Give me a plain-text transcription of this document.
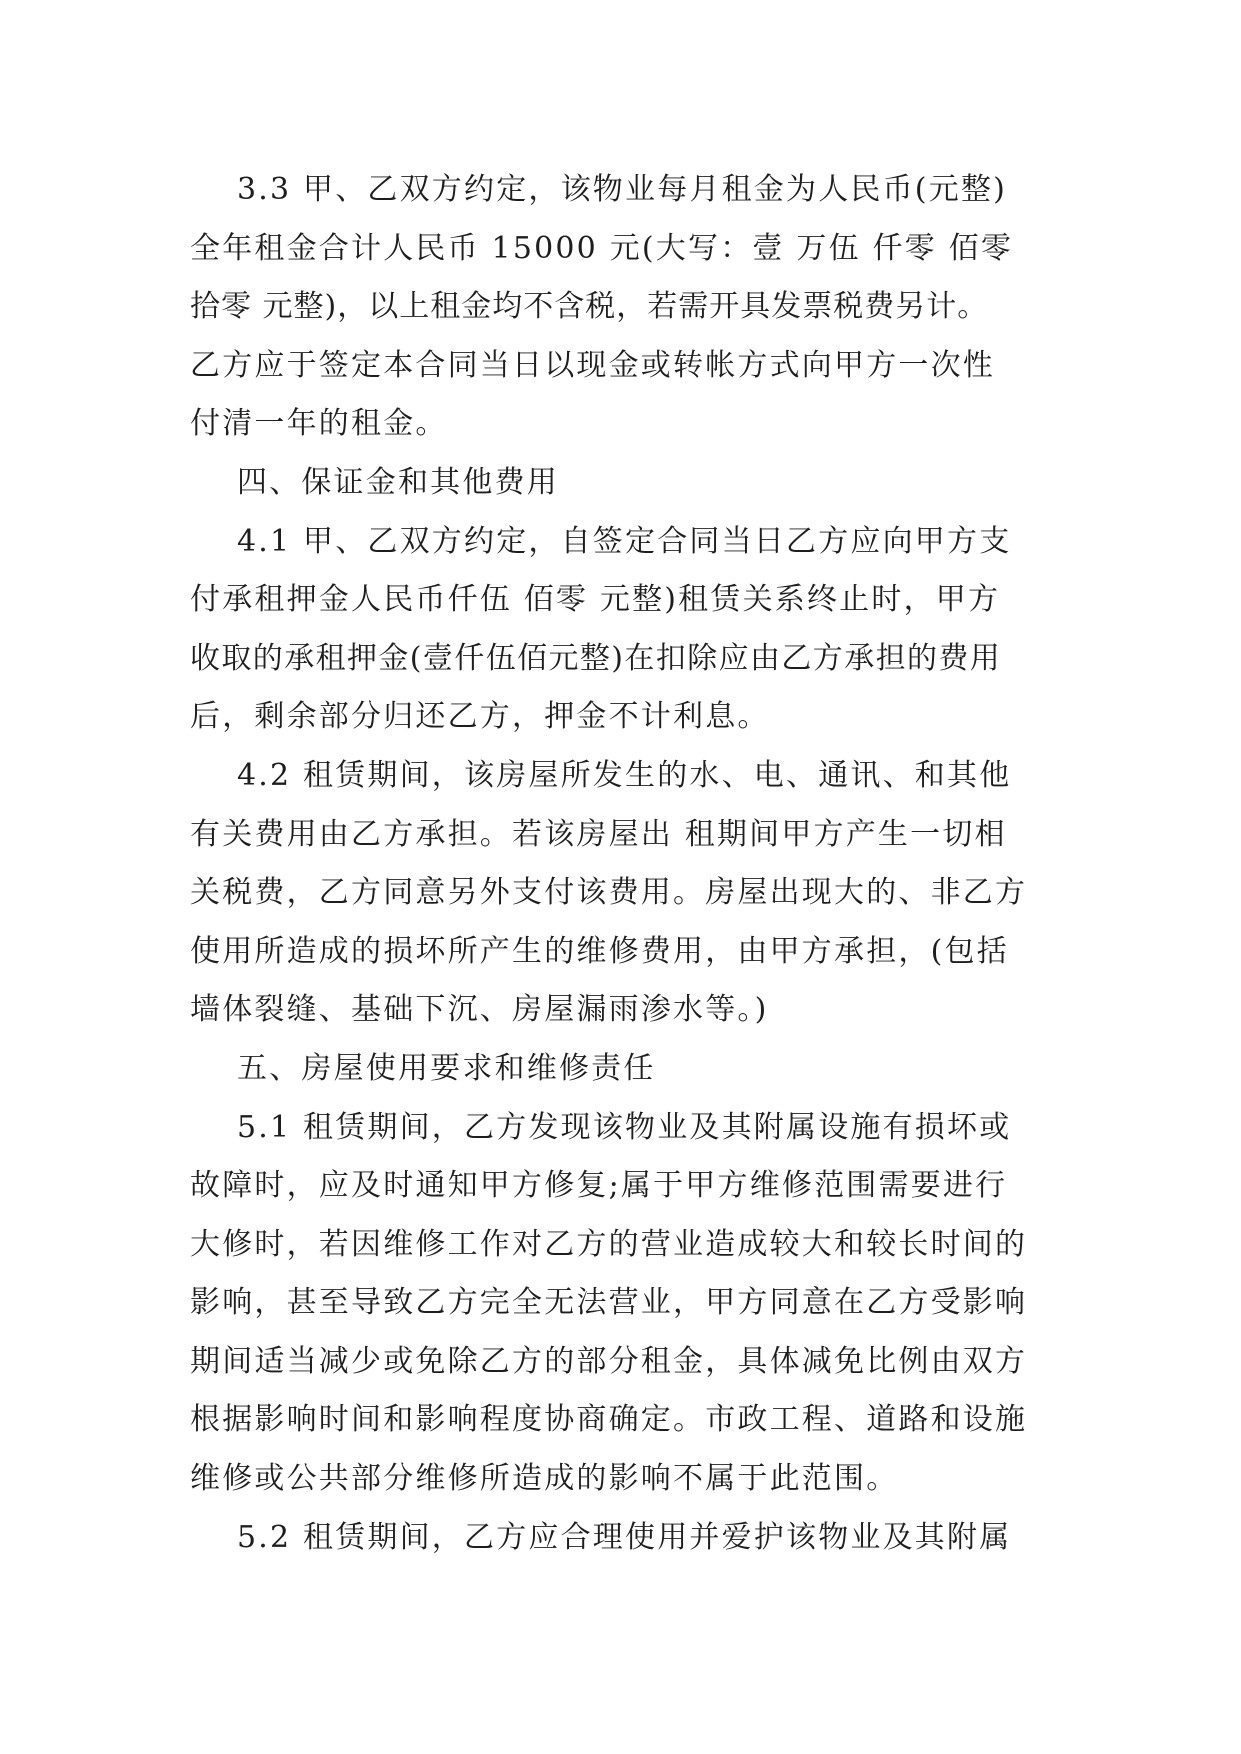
3.3 甲、乙双方约定，该物业每月租金为人民币(元整)
全年租金合计人民币 15000 元(大写：壹 万伍 仟零 佰零
拾零 元整)，以上租金均不含税，若需开具发票税费另计。
乙方应于签定本合同当日以现金或转帐方式向甲方一次性
付清一年的租金。
四、保证金和其他费用
4.1 甲、乙双方约定，自签定合同当日乙方应向甲方支
付承租押金人民币仟伍 佰零 元整)租赁关系终止时，甲方
收取的承租押金(壹仟伍佰元整)在扣除应由乙方承担的费用
后，剩余部分归还乙方，押金不计利息。
4.2 租赁期间，该房屋所发生的水、电、通讯、和其他
有关费用由乙方承担。若该房屋出 租期间甲方产生一切相
关税费，乙方同意另外支付该费用。房屋出现大的、非乙方
使用所造成的损坏所产生的维修费用，由甲方承担，(包括
墙体裂缝、基础下沉、房屋漏雨渗水等。)
五、房屋使用要求和维修责任
5.1 租赁期间，乙方发现该物业及其附属设施有损坏或
故障时，应及时通知甲方修复;属于甲方维修范围需要进行
大修时，若因维修工作对乙方的营业造成较大和较长时间的
影响，甚至导致乙方完全无法营业，甲方同意在乙方受影响
期间适当减少或免除乙方的部分租金，具体减免比例由双方
根据影响时间和影响程度协商确定。市政工程、道路和设施
维修或公共部分维修所造成的影响不属于此范围。
5.2 租赁期间，乙方应合理使用并爱护该物业及其附属
